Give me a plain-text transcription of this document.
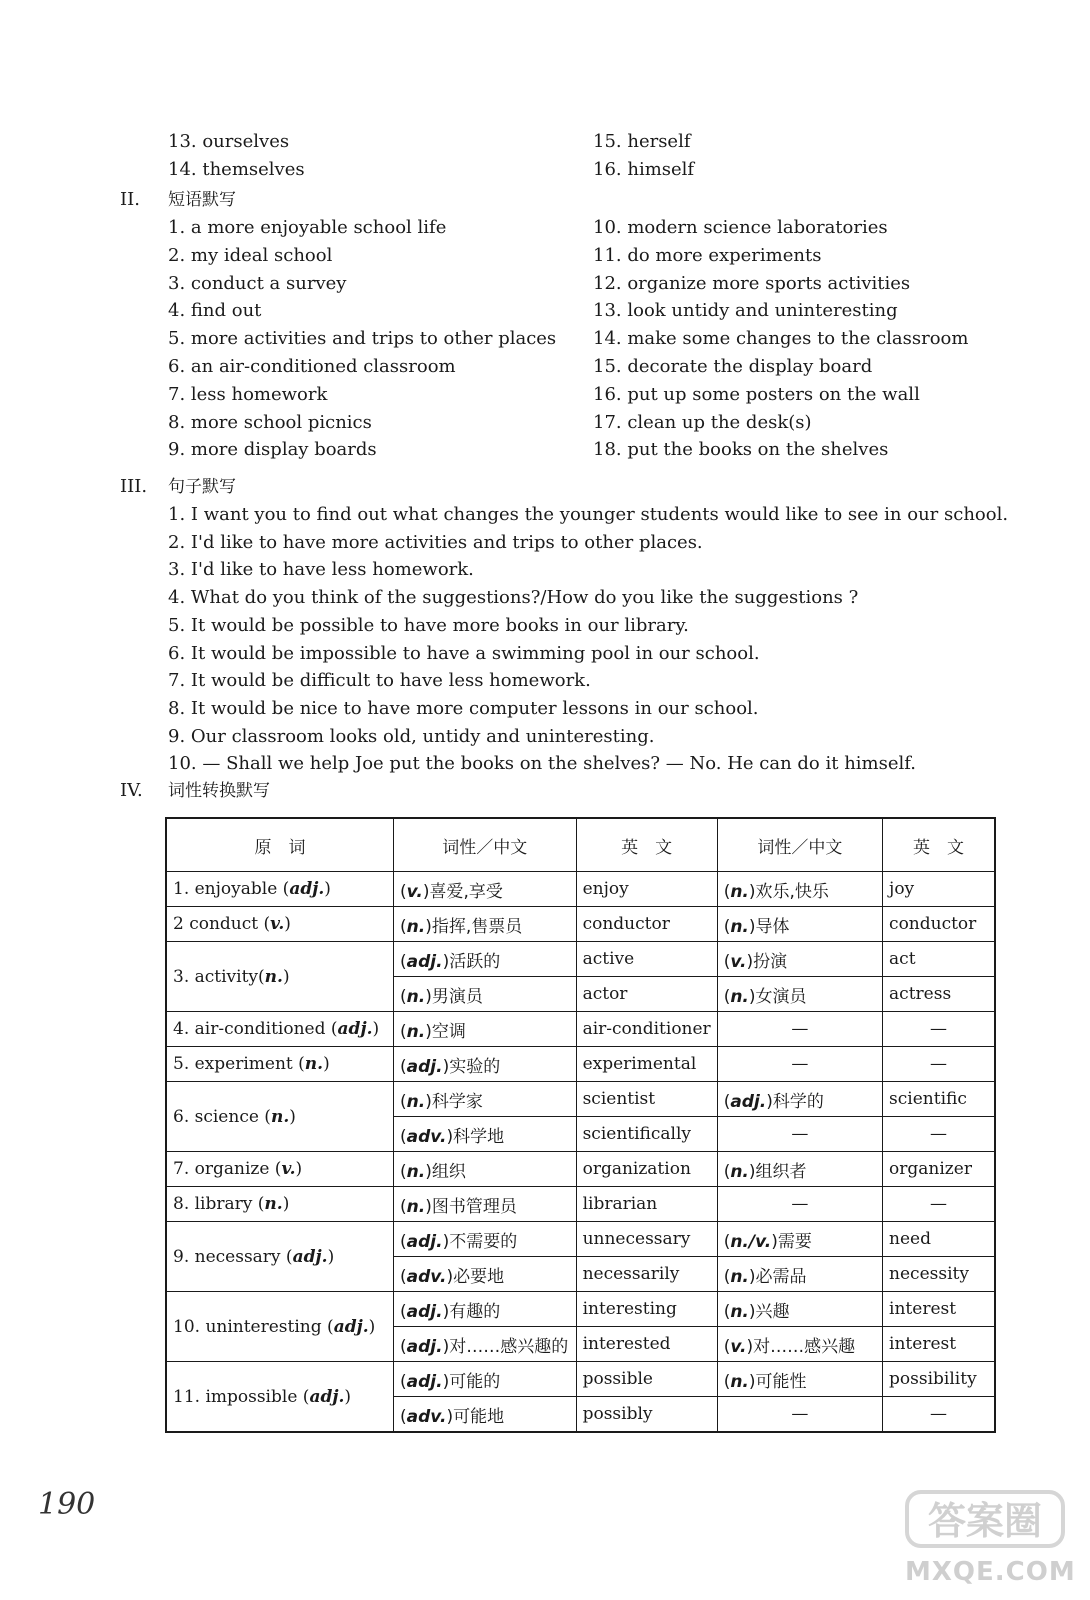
13. ourselves
14. themselves
15. herself
16. himself
II. 短语默写
1. a more enjoyable school life
2. my ideal school
3. conduct a survey
4. find out
5. more activities and trips to other places
6. an air-conditioned classroom
7. less homework
8. more school picnics
9. more display boards
10. modern science laboratories
11. do more experiments
12. organize more sports activities
13. look untidy and uninteresting
14. make some changes to the classroom
15. decorate the display board
16. put up some posters on the wall
17. clean up the desk(s)
18. put the books on the shelves
III. 句子默写
1. I want you to find out what changes the younger students would like to see in our school.
2. I'd like to have more activities and trips to other places.
3. I'd like to have less homework.
4. What do you think of the suggestions?/How do you like the suggestions ?
5. It would be possible to have more books in our library.
6. It would be impossible to have a swimming pool in our school.
7. It would be difficult to have less homework.
8. It would be nice to have more computer lessons in our school.
9. Our classroom looks old, untidy and uninteresting.
10. — Shall we help Joe put the books on the shelves? — No. He can do it himself.
IV. 词性转换默写
原　词	词性／中文	英　文	词性／中文	英　文
1. enjoyable (adj.)	(v.)喜爱,享受	enjoy	(n.)欢乐,快乐	joy
2 conduct (v.)	(n.)指挥,售票员	conductor	(n.)导体	conductor
3. activity(n.)	(adj.)活跃的	active	(v.)扮演	act
	(n.)男演员	actor	(n.)女演员	actress
4. air-conditioned (adj.)	(n.)空调	air-conditioner	—	—
5. experiment (n.)	(adj.)实验的	experimental	—	—
6. science (n.)	(n.)科学家	scientist	(adj.)科学的	scientific
	(adv.)科学地	scientifically	—	—
7. organize (v.)	(n.)组织	organization	(n.)组织者	organizer
8. library (n.)	(n.)图书管理员	librarian	—	—
9. necessary (adj.)	(adj.)不需要的	unnecessary	(n./v.)需要	need
	(adv.)必要地	necessarily	(n.)必需品	necessity
10. uninteresting (adj.)	(adj.)有趣的	interesting	(n.)兴趣	interest
	(adj.)对……感兴趣的	interested	(v.)对……感兴趣	interest
11. impossible (adj.)	(adj.)可能的	possible	(n.)可能性	possibility
	(adv.)可能地	possibly	—	—
190	答案圈
MXQE.COM
